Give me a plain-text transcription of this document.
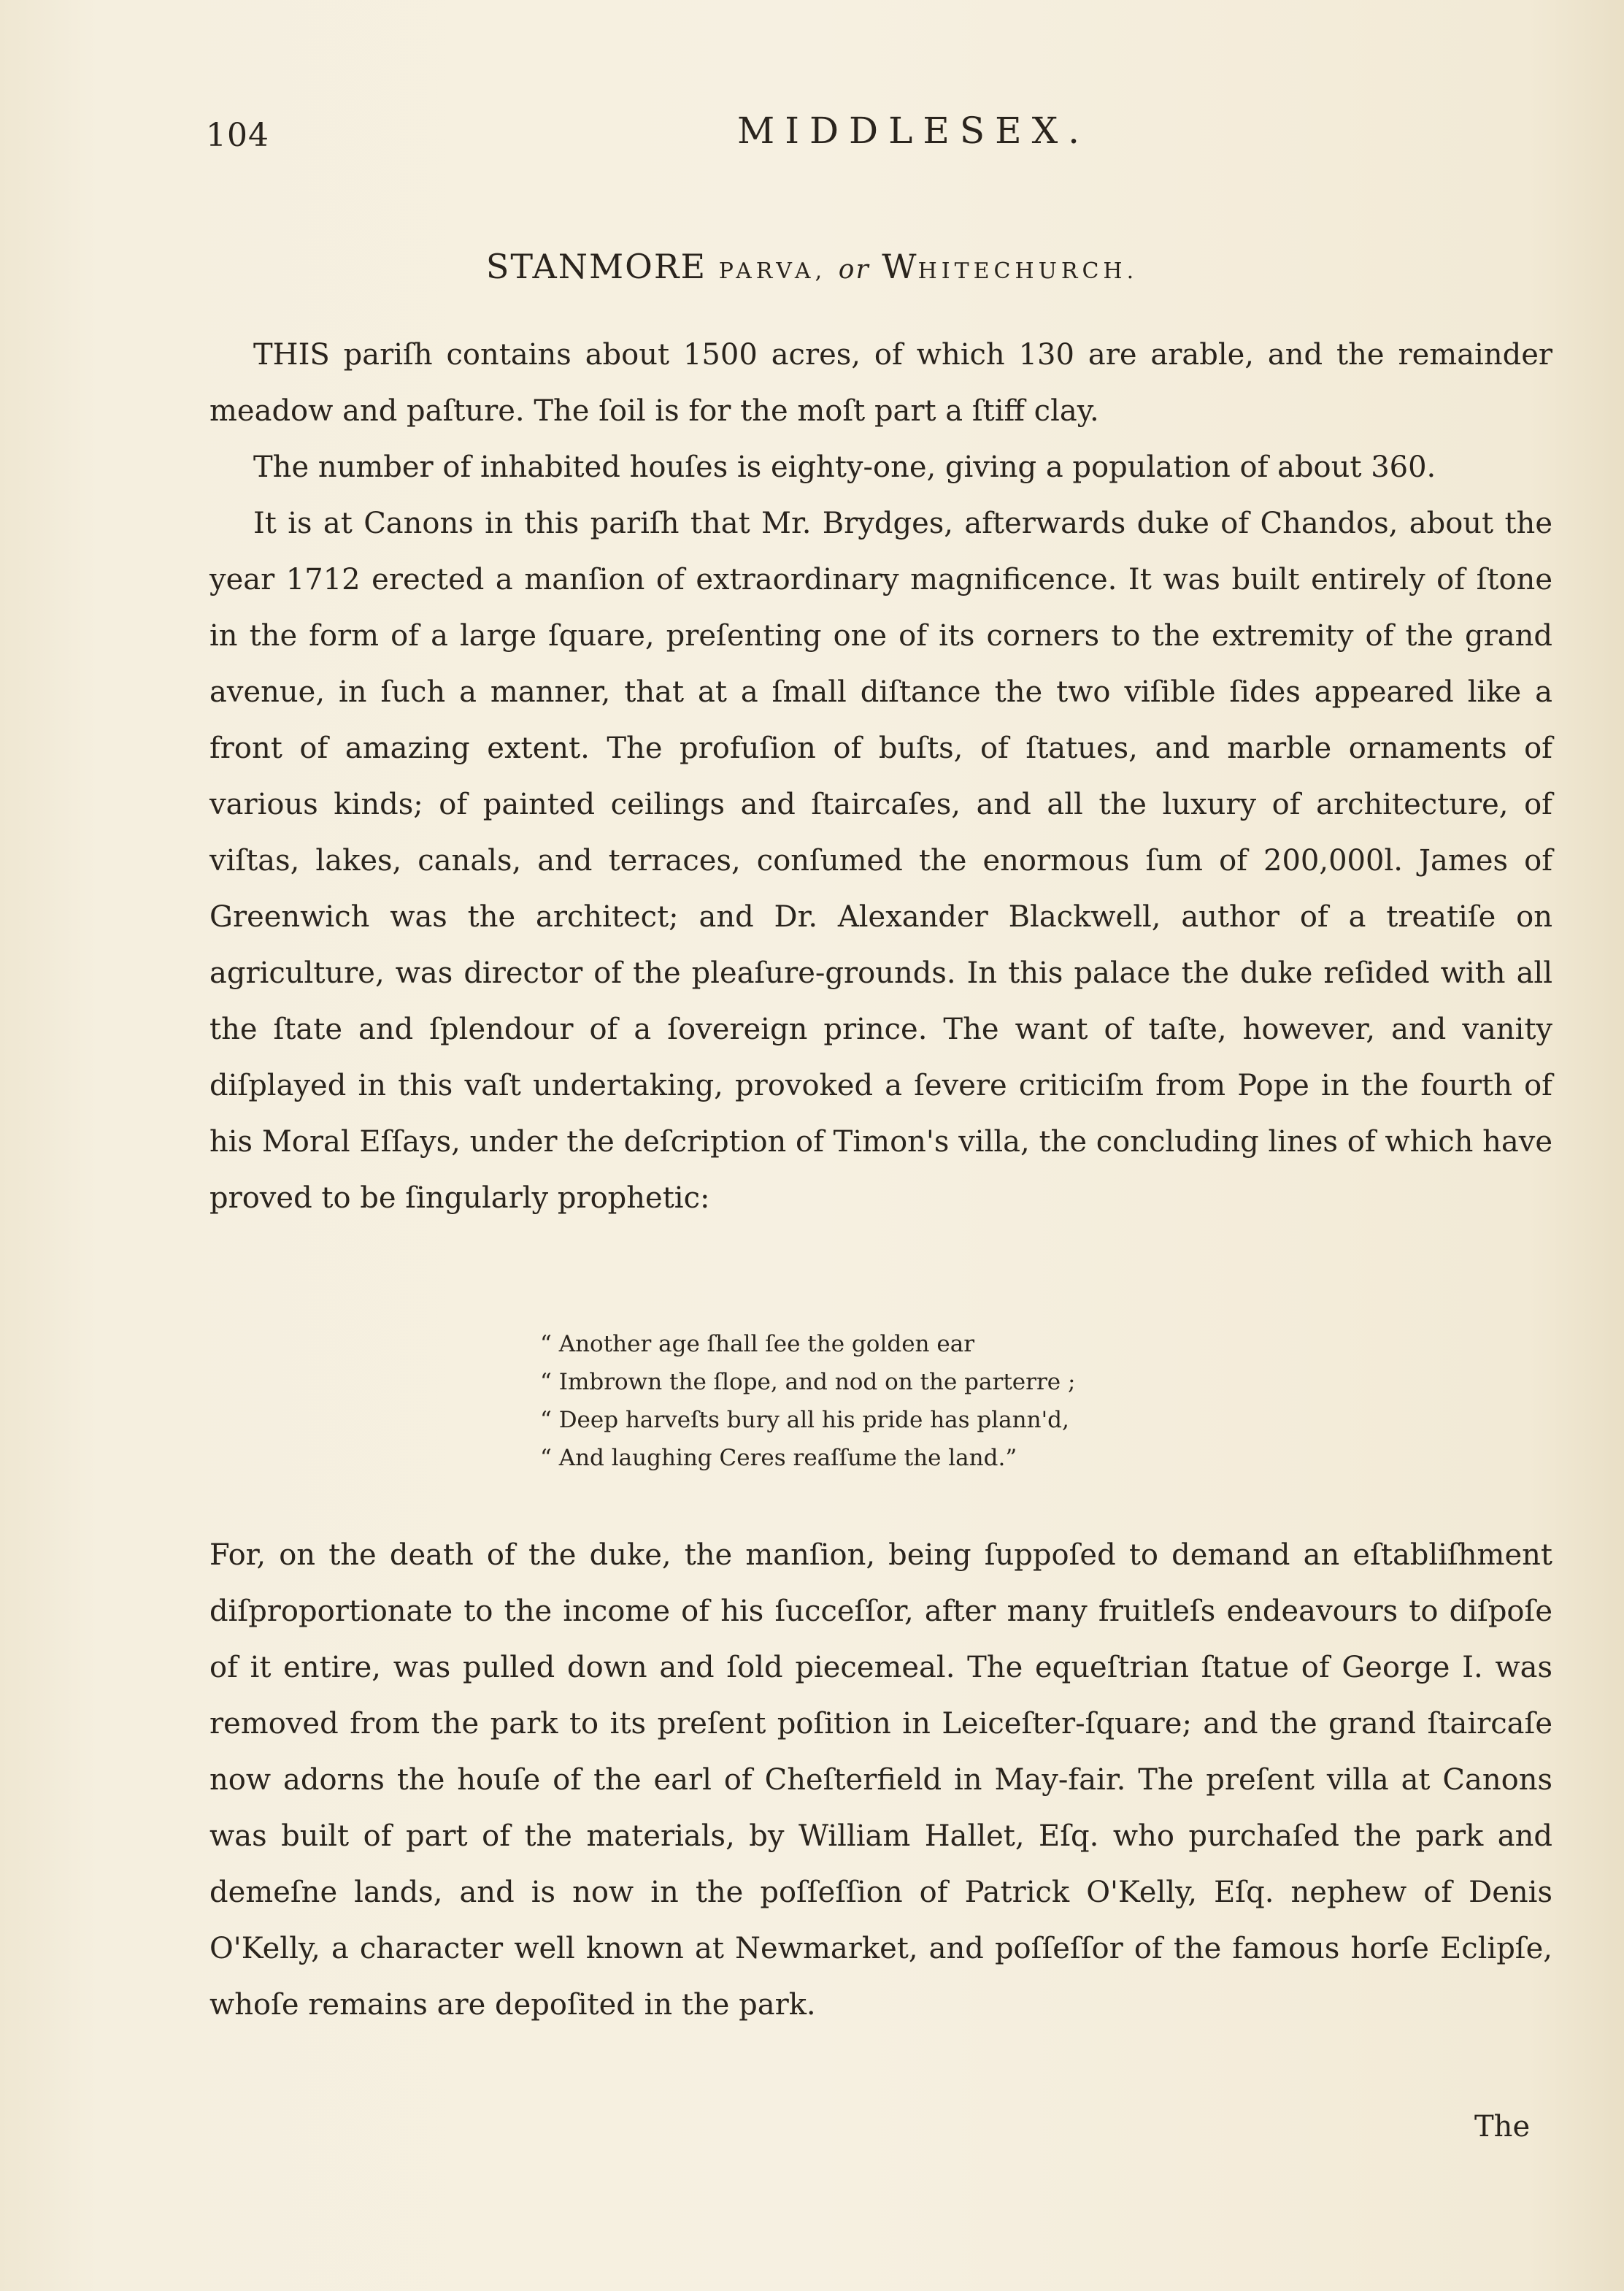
104	MIDDLESEX.
STANMORE PARVA, or WHITECHURCH.

THIS pariſh contains about 1500 acres, of which 130 are arable, and the remainder meadow and paſture. The ſoil is for the moſt part a ſtiff clay.

The number of inhabited houſes is eighty-one, giving a population of about 360.

It is at Canons in this pariſh that Mr. Brydges, afterwards duke of Chandos, about the year 1712 erected a manſion of extraordinary magnificence. It was built entirely of ſtone in the form of a large ſquare, preſenting one of its corners to the extremity of the grand avenue, in ſuch a manner, that at a ſmall diſtance the two viſible ſides appeared like a front of amazing extent. The profuſion of buſts, of ſtatues, and marble ornaments of various kinds; of painted ceilings and ſtaircaſes, and all the luxury of architecture, of viſtas, lakes, canals, and terraces, conſumed the enormous ſum of 200,000l. James of Greenwich was the architect; and Dr. Alexander Blackwell, author of a treatiſe on agriculture, was director of the pleaſure-grounds. In this palace the duke reſided with all the ſtate and ſplendour of a ſovereign prince. The want of taſte, however, and vanity diſplayed in this vaſt undertaking, provoked a ſevere criticiſm from Pope in the fourth of his Moral Eſſays, under the deſcription of Timon's villa, the concluding lines of which have proved to be ſingularly prophetic:

“ Another age ſhall ſee the golden ear
“ Imbrown the ſlope, and nod on the parterre ;
“ Deep harveſts bury all his pride has plann'd,
“ And laughing Ceres reaſſume the land.”

For, on the death of the duke, the manſion, being ſuppoſed to demand an eſtabliſhment diſproportionate to the income of his ſucceſſor, after many fruitleſs endeavours to diſpoſe of it entire, was pulled down and ſold piecemeal. The equeſtrian ſtatue of George I. was removed from the park to its preſent poſition in Leiceſter-ſquare; and the grand ſtaircaſe now adorns the houſe of the earl of Cheſterfield in May-fair. The preſent villa at Canons was built of part of the materials, by William Hallet, Eſq. who purchaſed the park and demeſne lands, and is now in the poſſeſſion of Patrick O'Kelly, Eſq. nephew of Denis O'Kelly, a character well known at Newmarket, and poſſeſſor of the famous horſe Eclipſe, whoſe remains are depoſited in the park.

The
